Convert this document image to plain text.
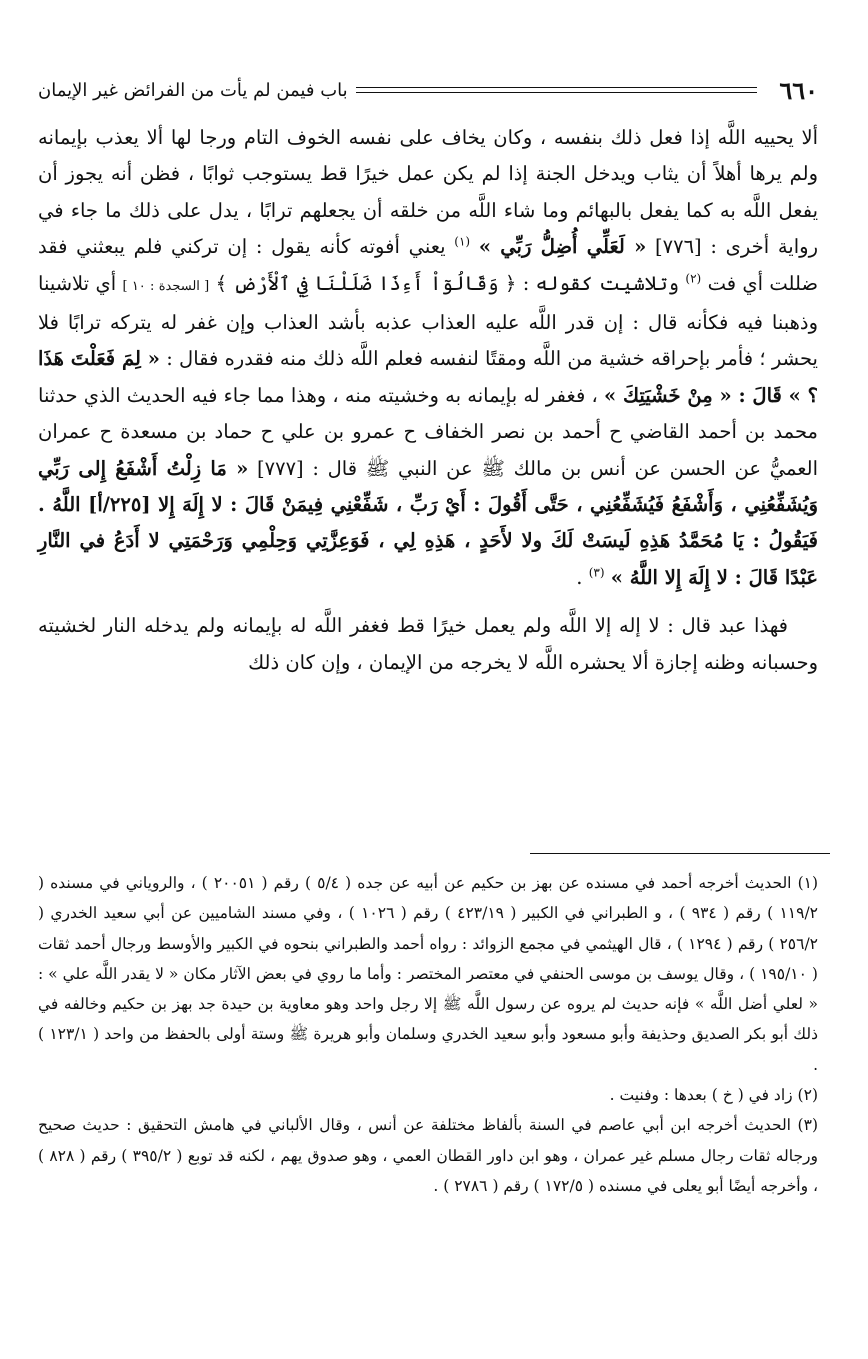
٦٦٠
باب فيمن لم يأت من الفرائض غير الإيمان

ألا يحييه اللَّه إذا فعل ذلك بنفسه ، وكان يخاف على نفسه الخوف التام ورجا لها ألا يعذب بإيمانه ولم يرها أهلاً أن يثاب ويدخل الجنة إذا لم يكن عمل خيرًا قط يستوجب ثوابًا ، فظن أنه يجوز أن يفعل اللَّه به كما يفعل بالبهائم وما شاء اللَّه من خلقه أن يجعلهم ترابًا ، يدل على ذلك ما جاء في رواية أخرى : [٧٧٦] « لَعَلِّي أُضِلُّ رَبِّي » $^{(١)}$ يعني أفوته كأنه يقول : إن تركني فلم يبعثني فقد ضللت أي فت $^{(٢)}$ وتلاشيت كقوله : ﴿ وَقَالُوٓاْ أَءِذَا ضَلَلْنَا فِي ٱلْأَرْضِ ﴾ [ السجدة : ١٠ ] أي تلاشينا وذهبنا فيه فكأنه قال : إن قدر اللَّه عليه العذاب عذبه بأشد العذاب وإن غفر له يتركه ترابًا فلا يحشر ؛ فأمر بإحراقه خشية من اللَّه ومقتًا لنفسه فعلم اللَّه ذلك منه فقدره فقال : « لِمَ فَعَلْتَ هَذَا ؟ » قَالَ : « مِنْ خَشْيَتِكَ » ، فغفر له بإيمانه به وخشيته منه ، وهذا مما جاء فيه الحديث الذي حدثنا محمد بن أحمد القاضي ح أحمد بن نصر الخفاف ح عمرو بن علي ح حماد بن مسعدة ح عمران العميُّ عن الحسن عن أنس بن مالك ﷺ عن النبي ﷺ قال : [٧٧٧] « مَا زِلْتُ أَشْفَعُ إِلى رَبِّي وَيُشَفِّعُنِي ، وَأَشْفَعُ فَيُشَفِّعُنِي ، حَتَّى أَقُولَ : أَيْ رَبِّ ، شَفِّعْنِي فِيمَنْ قَالَ : لا إِلَهَ إِلا [٢٢٥/أ] اللَّهُ . فَيَقُولُ : يَا مُحَمَّدُ هَذِهِ لَيسَتْ لَكَ ولا لأَحَدٍ ، هَذِهِ لِي ، فَوَعِزَّتِي وَحِلْمِي وَرَحْمَتِي لا أَدَعُ في النَّارِ عَبْدًا قَالَ : لا إِلَهَ إِلا اللَّهُ » $^{(٣)}$ .

فهذا عبد قال : لا إله إلا اللَّه ولم يعمل خيرًا قط فغفر اللَّه له بإيمانه ولم يدخله النار لخشيته وحسبانه وظنه إجازة ألا يحشره اللَّه لا يخرجه من الإيمان ، وإن كان ذلك

(١) الحديث أخرجه أحمد في مسنده عن بهز بن حكيم عن أبيه عن جده ( ٥/٤ ) رقم ( ٢٠٠٥١ ) ، والروياني في مسنده ( ١١٩/٢ ) رقم ( ٩٣٤ ) ، و الطبراني في الكبير ( ٤٢٣/١٩ ) رقم ( ١٠٢٦ ) ، وفي مسند الشاميين عن أبي سعيد الخدري ( ٢٥٦/٢ ) رقم ( ١٢٩٤ ) ، قال الهيثمي في مجمع الزوائد : رواه أحمد والطبراني بنحوه في الكبير والأوسط ورجال أحمد ثقات ( ١٩٥/١٠ ) ، وقال يوسف بن موسى الحنفي في معتصر المختصر : وأما ما روي في بعض الآثار مكان « لا يقدر اللَّه علي » : « لعلي أضل اللَّه » فإنه حديث لم يروه عن رسول اللَّه ﷺ إلا رجل واحد وهو معاوية بن حيدة جد بهز بن حكيم وخالفه في ذلك أبو بكر الصديق وحذيفة وأبو مسعود وأبو سعيد الخدري وسلمان وأبو هريرة ﷺ وستة أولى بالحفظ من واحد ( ١٢٣/١ ) .

(٢) زاد في ( خ ) بعدها : وفنيت .

(٣) الحديث أخرجه ابن أبي عاصم في السنة بألفاظ مختلفة عن أنس ، وقال الألباني في هامش التحقيق : حديث صحيح ورجاله ثقات رجال مسلم غير عمران ، وهو ابن داور القطان العمي ، وهو صدوق يهم ، لكنه قد توبع ( ٣٩٥/٢ ) رقم ( ٨٢٨ ) ، وأخرجه أيضًا أبو يعلى في مسنده ( ١٧٢/٥ ) رقم ( ٢٧٨٦ ) .
